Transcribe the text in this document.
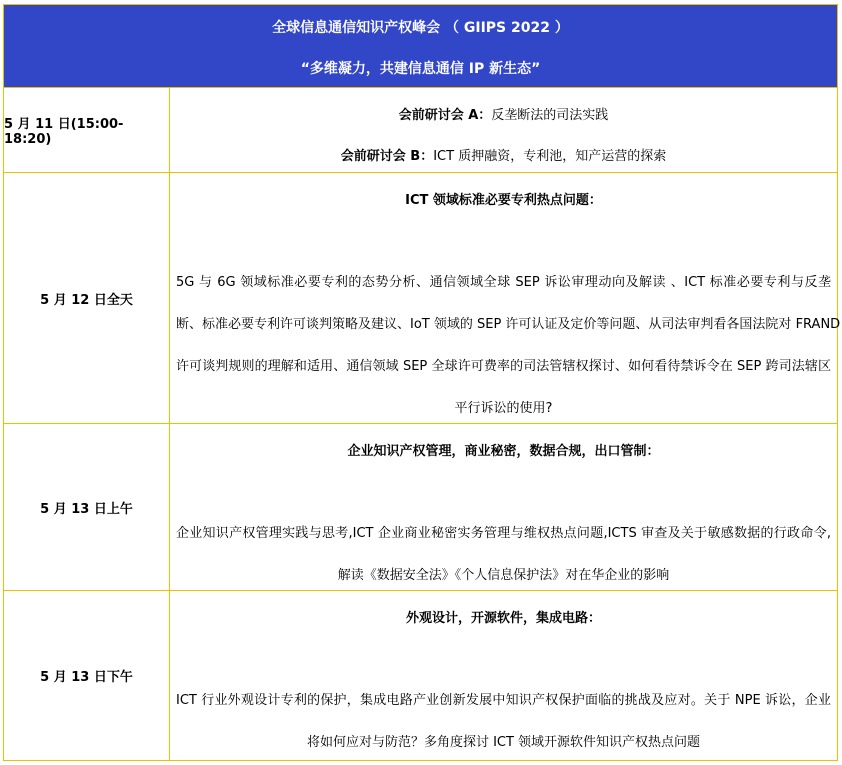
全球信息通信知识产权峰会 （ GIIPS 2022 ）
“多维凝力，共建信息通信 IP 新生态”
5 月 11 日(15:00-18:20)
会前研讨会 A：反垄断法的司法实践
会前研讨会 B：ICT 质押融资，专利池，知产运营的探索
5 月 12 日全天
ICT 领域标准必要专利热点问题：
5G 与 6G 领域标准必要专利的态势分析、通信领域全球 SEP 诉讼审理动向及解读 、ICT 标准必要专利与反垄
断、标准必要专利许可谈判策略及建议、IoT 领域的 SEP 许可认证及定价等问题、从司法审判看各国法院对 FRAND
许可谈判规则的理解和适用、通信领域 SEP 全球许可费率的司法管辖权探讨、如何看待禁诉令在 SEP 跨司法辖区
平行诉讼的使用?
5 月 13 日上午
企业知识产权管理，商业秘密，数据合规，出口管制：
企业知识产权管理实践与思考,ICT 企业商业秘密实务管理与维权热点问题,ICTS 审查及关于敏感数据的行政命令,
解读《数据安全法》《个人信息保护法》对在华企业的影响
5 月 13 日下午
外观设计，开源软件，集成电路：
ICT 行业外观设计专利的保护，集成电路产业创新发展中知识产权保护面临的挑战及应对。关于 NPE 诉讼，企业
将如何应对与防范？多角度探讨 ICT 领域开源软件知识产权热点问题
